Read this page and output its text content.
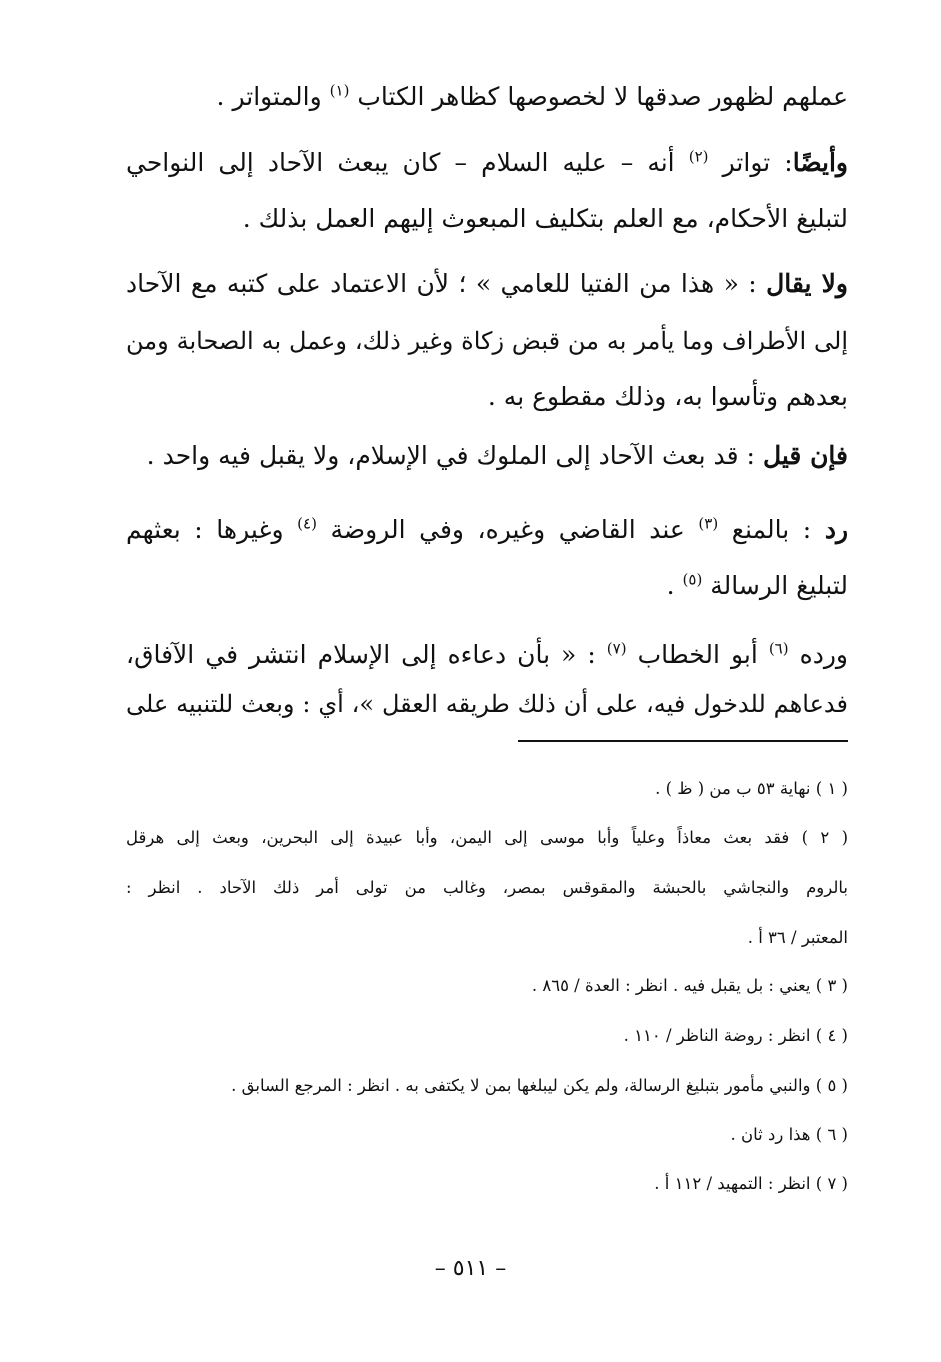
عملهم لظهور صدقها لا لخصوصها كظاهر الكتاب $^{(١)}$ والمتواتر .
وأيضًا: تواتر $^{(٢)}$ أنه – عليه السلام – كان يبعث الآحاد إلى النواحي
لتبليغ الأحكام، مع العلم بتكليف المبعوث إليهم العمل بذلك .
ولا يقال : « هذا من الفتيا للعامي » ؛ لأن الاعتماد على كتبه مع الآحاد
إلى الأطراف وما يأمر به من قبض زكاة وغير ذلك، وعمل به الصحابة ومن
بعدهم وتأسوا به، وذلك مقطوع به .
فإن قيل : قد بعث الآحاد إلى الملوك في الإسلام، ولا يقبل فيه واحد .
رد : بالمنع $^{(٣)}$ عند القاضي وغيره، وفي الروضة $^{(٤)}$ وغيرها : بعثهم
لتبليغ الرسالة $^{(٥)}$ .
ورده $^{(٦)}$ أبو الخطاب $^{(٧)}$ : « بأن دعاءه إلى الإسلام انتشر في الآفاق،
فدعاهم للدخول فيه، على أن ذلك طريقه العقل »، أي : وبعث للتنبيه على
( ١ ) نهاية ٥٣ ب من ( ظ ) .
( ٢ ) فقد بعث معاذاً وعلياً وأبا موسى إلى اليمن، وأبا عبيدة إلى البحرين، وبعث إلى هرقل
بالروم والنجاشي بالحبشة والمقوقس بمصر، وغالب من تولى أمر ذلك الآحاد . انظر :
المعتبر / ٣٦ أ .
( ٣ ) يعني : بل يقبل فيه . انظر : العدة / ٨٦٥ .
( ٤ ) انظر : روضة الناظر / ١١٠ .
( ٥ ) والنبي مأمور بتبليغ الرسالة، ولم يكن ليبلغها بمن لا يكتفى به . انظر : المرجع السابق .
( ٦ ) هذا رد ثان .
( ٧ ) انظر : التمهيد / ١١٢ أ .
– ٥١١ –
